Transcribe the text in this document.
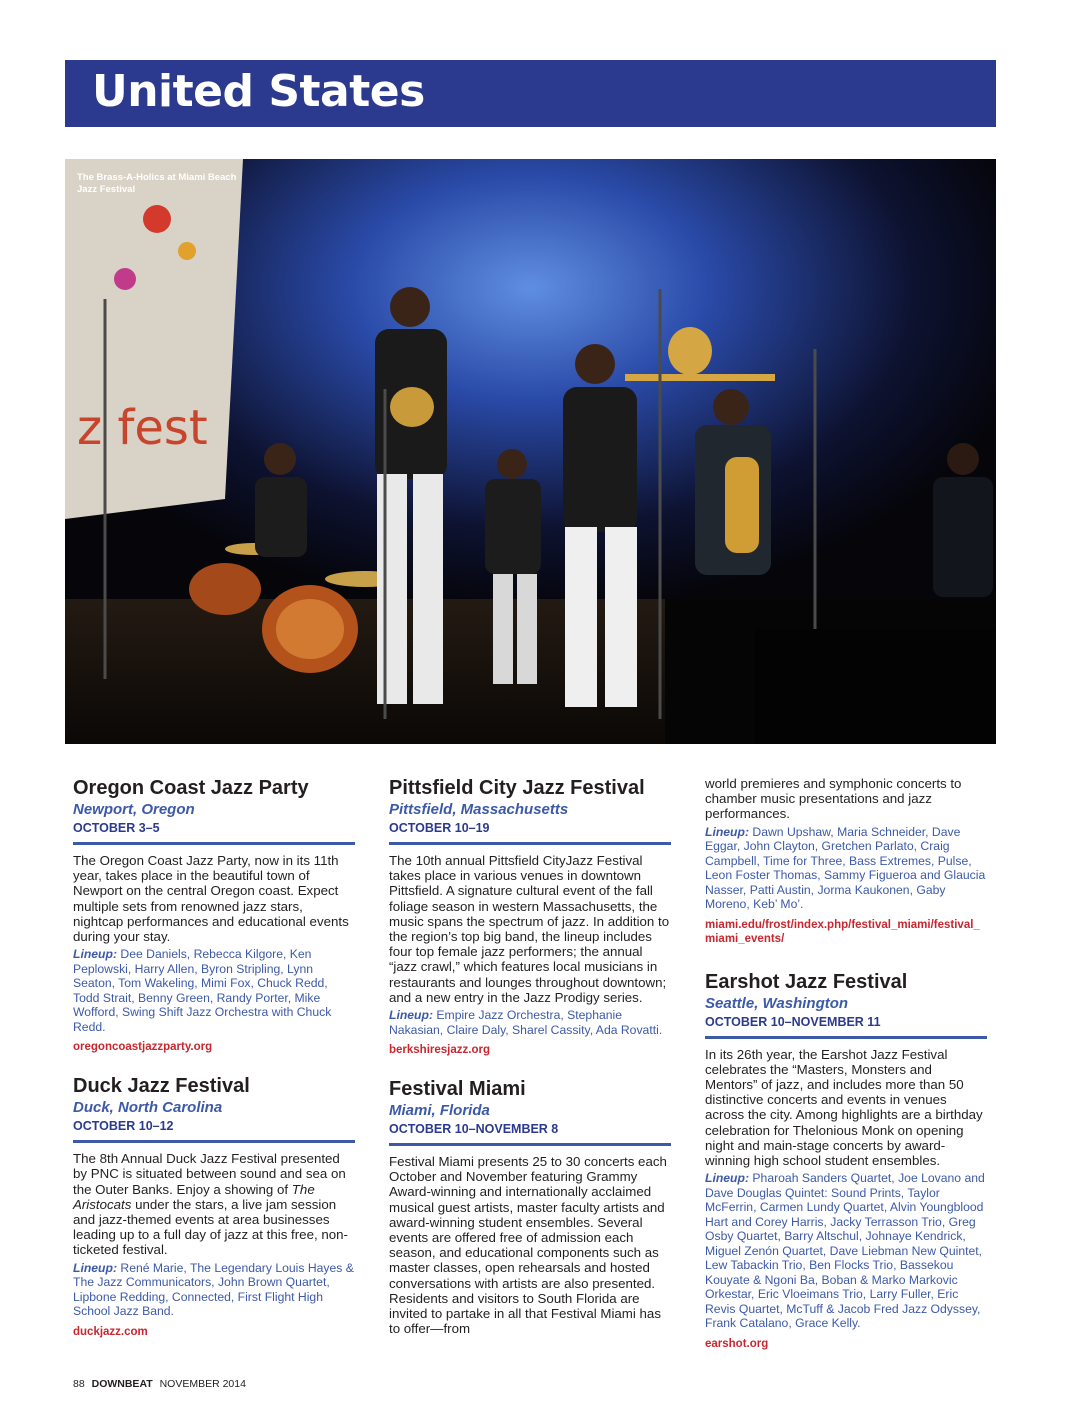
United States
z fest
The Brass-A-Holics at Miami Beach Jazz Festival
Oregon Coast Jazz Party
Newport, Oregon
OCTOBER 3–5

The Oregon Coast Jazz Party, now in its 11th year, takes place in the beautiful town of Newport on the central Oregon coast. Expect multiple sets from renowned jazz stars, nightcap performances and educational events during your stay.

Lineup: Dee Daniels, Rebecca Kilgore, Ken Peplowski, Harry Allen, Byron Stripling, Lynn Seaton, Tom Wakeling, Mimi Fox, Chuck Redd, Todd Strait, Benny Green, Randy Porter, Mike Wofford, Swing Shift Jazz Orchestra with Chuck Redd.

oregoncoastjazzparty.org
Duck Jazz Festival
Duck, North Carolina
OCTOBER 10–12

The 8th Annual Duck Jazz Festival presented by PNC is situated between sound and sea on the Outer Banks. Enjoy a showing of The Aristocats under the stars, a live jam session and jazz-themed events at area businesses leading up to a full day of jazz at this free, non-ticketed festival.

Lineup: René Marie, The Legendary Louis Hayes & The Jazz Communicators, John Brown Quartet, Lipbone Redding, Connected, First Flight High School Jazz Band.

duckjazz.com
Pittsfield City Jazz Festival
Pittsfield, Massachusetts
OCTOBER 10–19

The 10th annual Pittsfield CityJazz Festival takes place in various venues in downtown Pittsfield. A signature cultural event of the fall foliage season in western Massachusetts, the music spans the spectrum of jazz. In addition to the region’s top big band, the lineup includes four top female jazz performers; the annual “jazz crawl,” which features local musicians in restaurants and lounges throughout downtown; and a new entry in the Jazz Prodigy series.

Lineup: Empire Jazz Orchestra, Stephanie Nakasian, Claire Daly, Sharel Cassity, Ada Rovatti.

berkshiresjazz.org
Festival Miami
Miami, Florida
OCTOBER 10–NOVEMBER 8

Festival Miami presents 25 to 30 concerts each October and November featuring Grammy Award-winning and internationally acclaimed musical guest artists, master faculty artists and award-winning student ensembles. Several events are offered free of admission each season, and educational components such as master classes, open rehearsals and hosted conversations with artists are also presented. Residents and visitors to South Florida are invited to partake in all that Festival Miami has to offer—from

world premieres and symphonic concerts to chamber music presentations and jazz performances.

Lineup: Dawn Upshaw, Maria Schneider, Dave Eggar, John Clayton, Gretchen Parlato, Craig Campbell, Time for Three, Bass Extremes, Pulse, Leon Foster Thomas, Sammy Figueroa and Glaucia Nasser, Patti Austin, Jorma Kaukonen, Gaby Moreno, Keb’ Mo’.

miami.edu/frost/index.php/festival_miami/festival_miami_events/
Earshot Jazz Festival
Seattle, Washington
OCTOBER 10–NOVEMBER 11

In its 26th year, the Earshot Jazz Festival celebrates the “Masters, Monsters and Mentors” of jazz, and includes more than 50 distinctive concerts and events in venues across the city. Among highlights are a birthday celebration for Thelonious Monk on opening night and main-stage concerts by award-winning high school student ensembles.

Lineup: Pharoah Sanders Quartet, Joe Lovano and Dave Douglas Quintet: Sound Prints, Taylor McFerrin, Carmen Lundy Quartet, Alvin Youngblood Hart and Corey Harris, Jacky Terrasson Trio, Greg Osby Quartet, Barry Altschul, Johnaye Kendrick, Miguel Zenón Quartet, Dave Liebman New Quintet, Lew Tabackin Trio, Ben Flocks Trio, Bassekou Kouyate & Ngoni Ba, Boban & Marko Markovic Orkestar, Eric Vloeimans Trio, Larry Fuller, Eric Revis Quartet, McTuff & Jacob Fred Jazz Odyssey, Frank Catalano, Grace Kelly.

earshot.org
88 DOWNBEAT NOVEMBER 2014
